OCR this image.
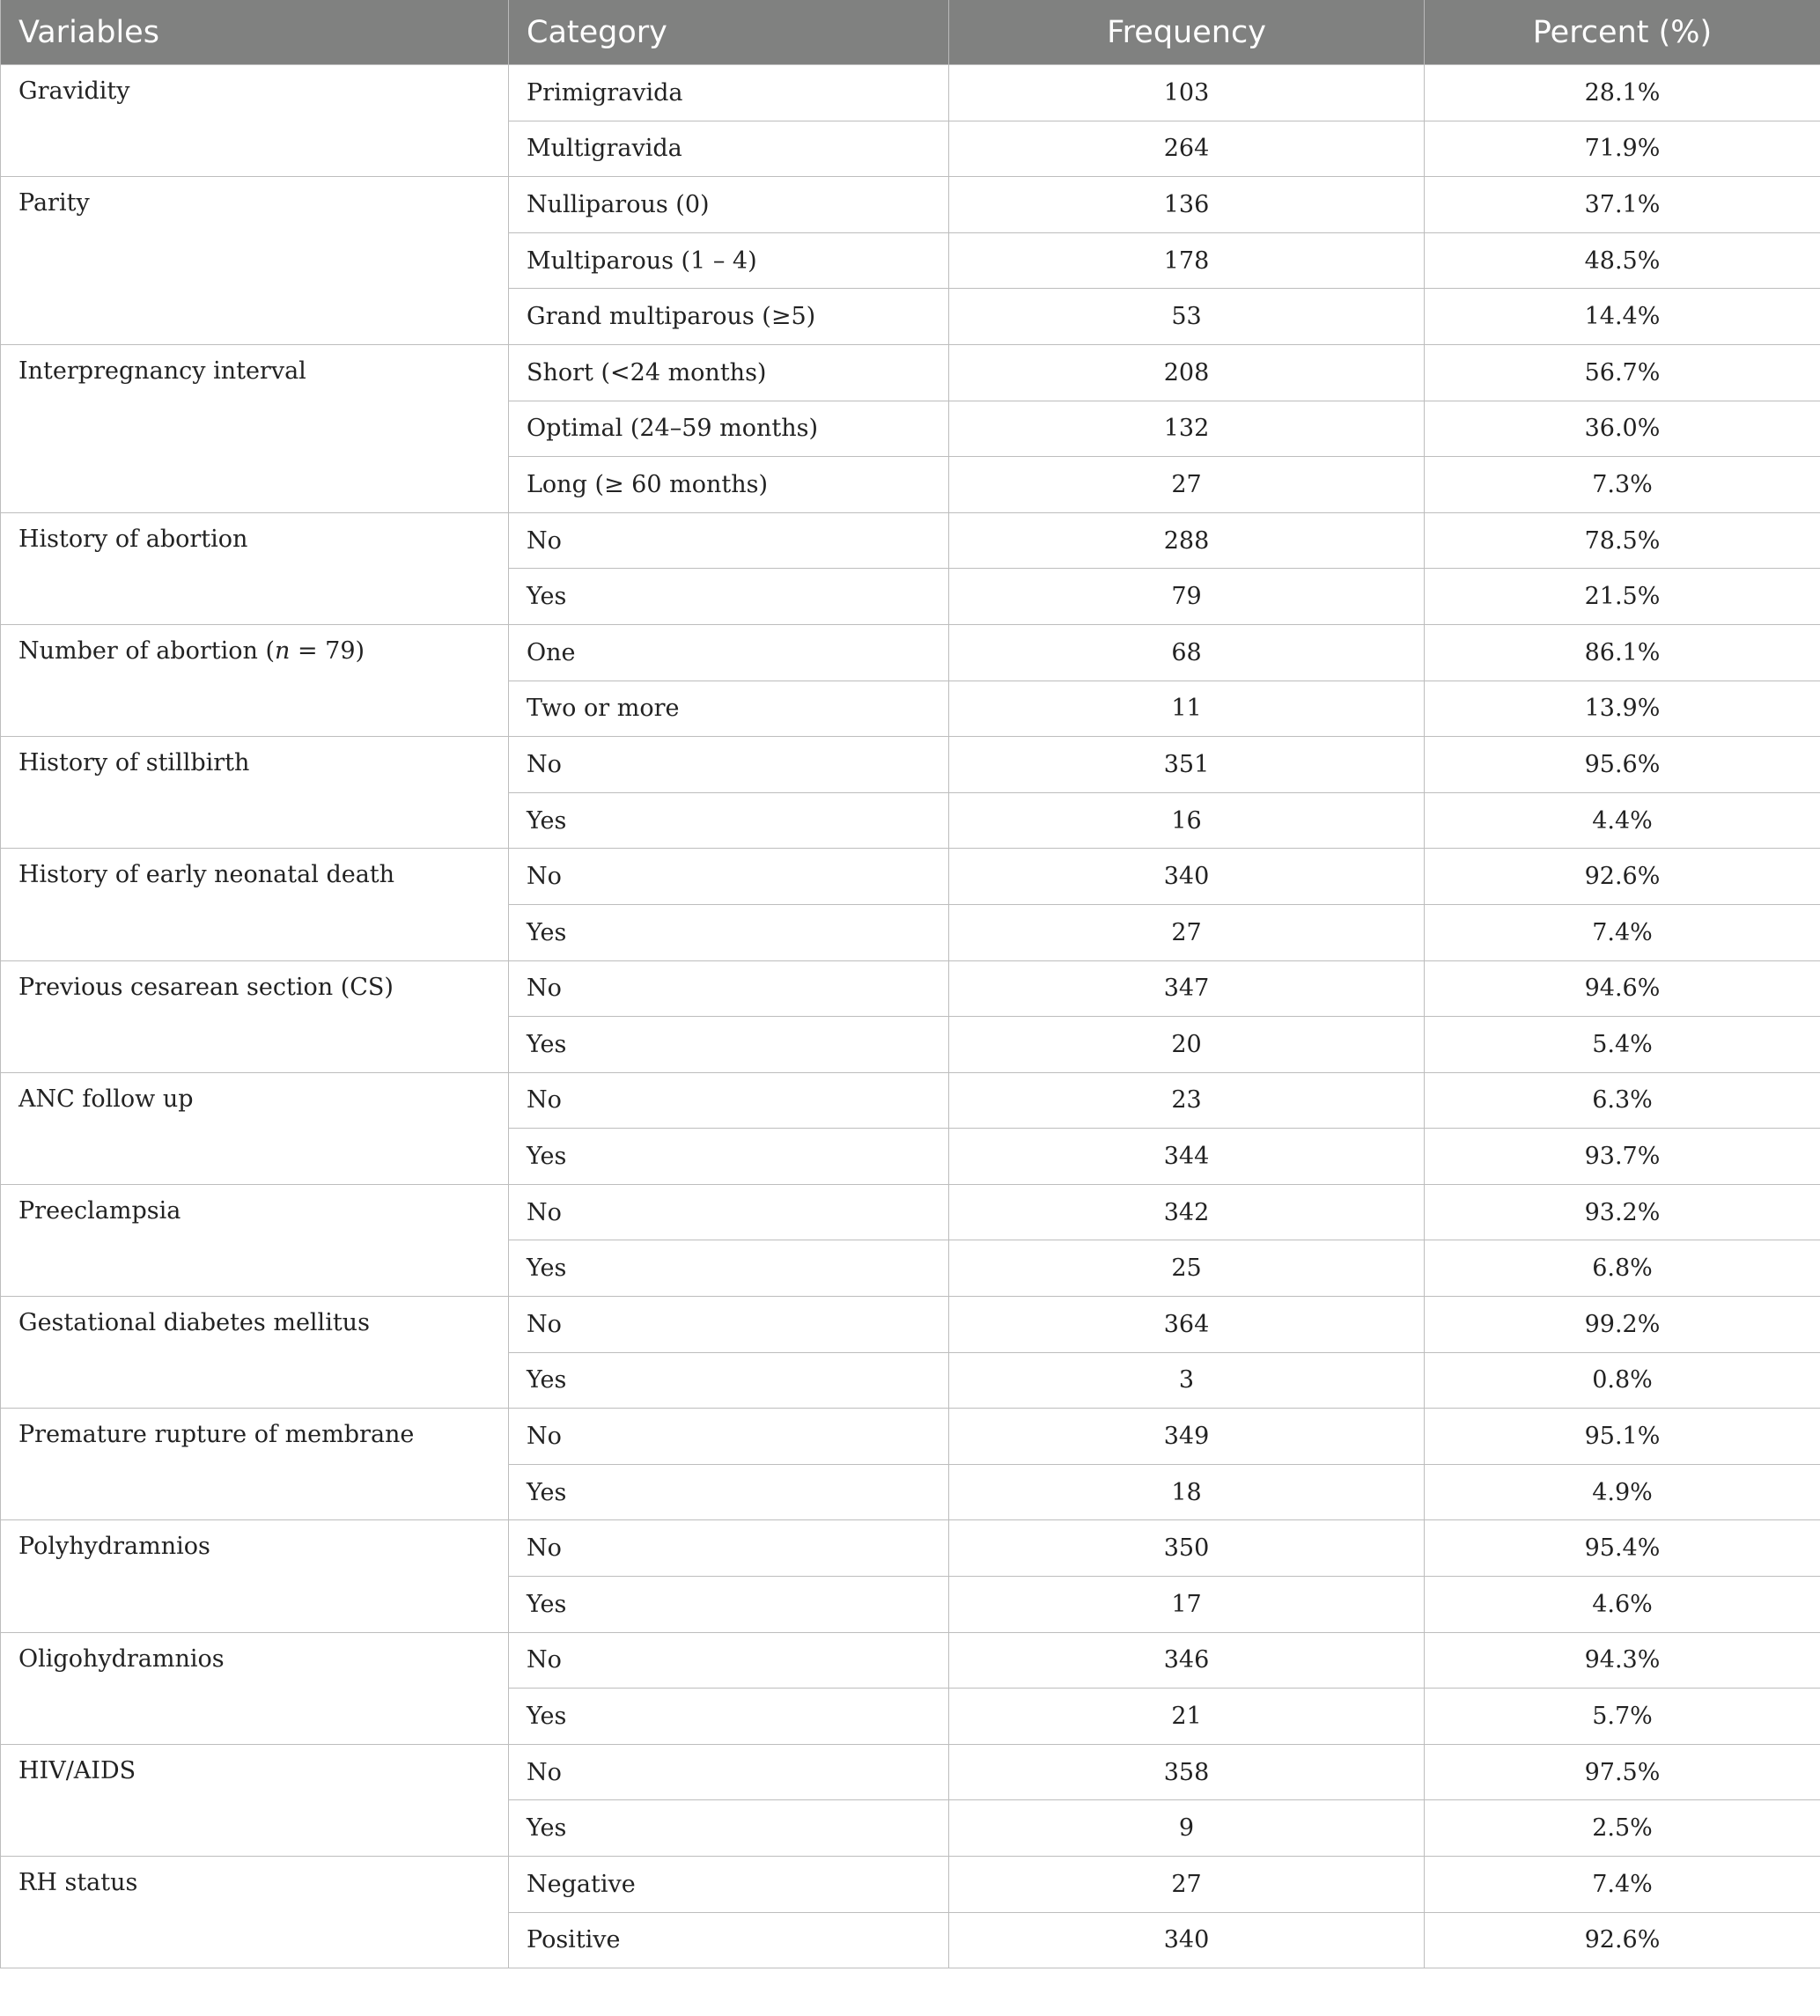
Variables	Category	Frequency	Percent (%)
Gravidity	Primigravida	103	28.1%
	Multigravida	264	71.9%
Parity	Nulliparous (0)	136	37.1%
	Multiparous (1 – 4)	178	48.5%
	Grand multiparous (≥5)	53	14.4%
Interpregnancy interval	Short (<24 months)	208	56.7%
	Optimal (24–59 months)	132	36.0%
	Long (≥ 60 months)	27	7.3%
History of abortion	No	288	78.5%
	Yes	79	21.5%
Number of abortion (n = 79)	One	68	86.1%
	Two or more	11	13.9%
History of stillbirth	No	351	95.6%
	Yes	16	4.4%
History of early neonatal death	No	340	92.6%
	Yes	27	7.4%
Previous cesarean section (CS)	No	347	94.6%
	Yes	20	5.4%
ANC follow up	No	23	6.3%
	Yes	344	93.7%
Preeclampsia	No	342	93.2%
	Yes	25	6.8%
Gestational diabetes mellitus	No	364	99.2%
	Yes	3	0.8%
Premature rupture of membrane	No	349	95.1%
	Yes	18	4.9%
Polyhydramnios	No	350	95.4%
	Yes	17	4.6%
Oligohydramnios	No	346	94.3%
	Yes	21	5.7%
HIV/AIDS	No	358	97.5%
	Yes	9	2.5%
RH status	Negative	27	7.4%
	Positive	340	92.6%
